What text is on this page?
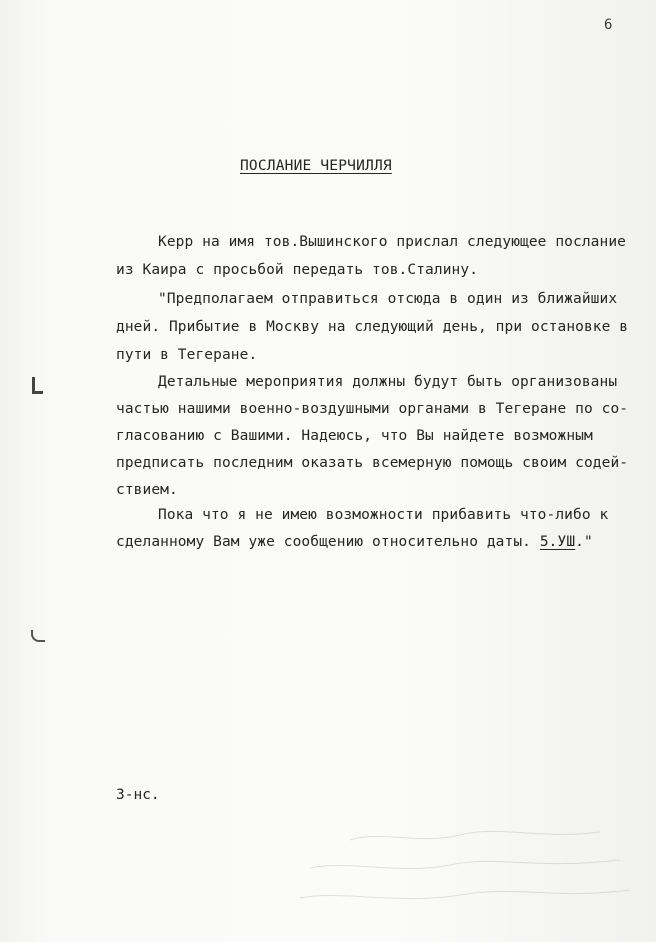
6
ПОСЛАНИЕ ЧЕРЧИЛЛЯ
Керр на имя тов.Вышинского прислал следующее послание
из Каира с просьбой передать тов.Сталину.
"Предполагаем отправиться отсюда в один из ближайших
дней. Прибытие в Москву на следующий день, при остановке в
пути в Тегеране.
Детальные мероприятия должны будут быть организованы
частью нашими военно-воздушными органами в Тегеране по со-
гласованию с Вашими. Надеюсь, что Вы найдете возможным
предписать последним оказать всемерную помощь своим содей-
ствием.
Пока что я не имею возможности прибавить что-либо к
сделанному Вам уже сообщению относительно даты. 5.УШ."
3-нс.
